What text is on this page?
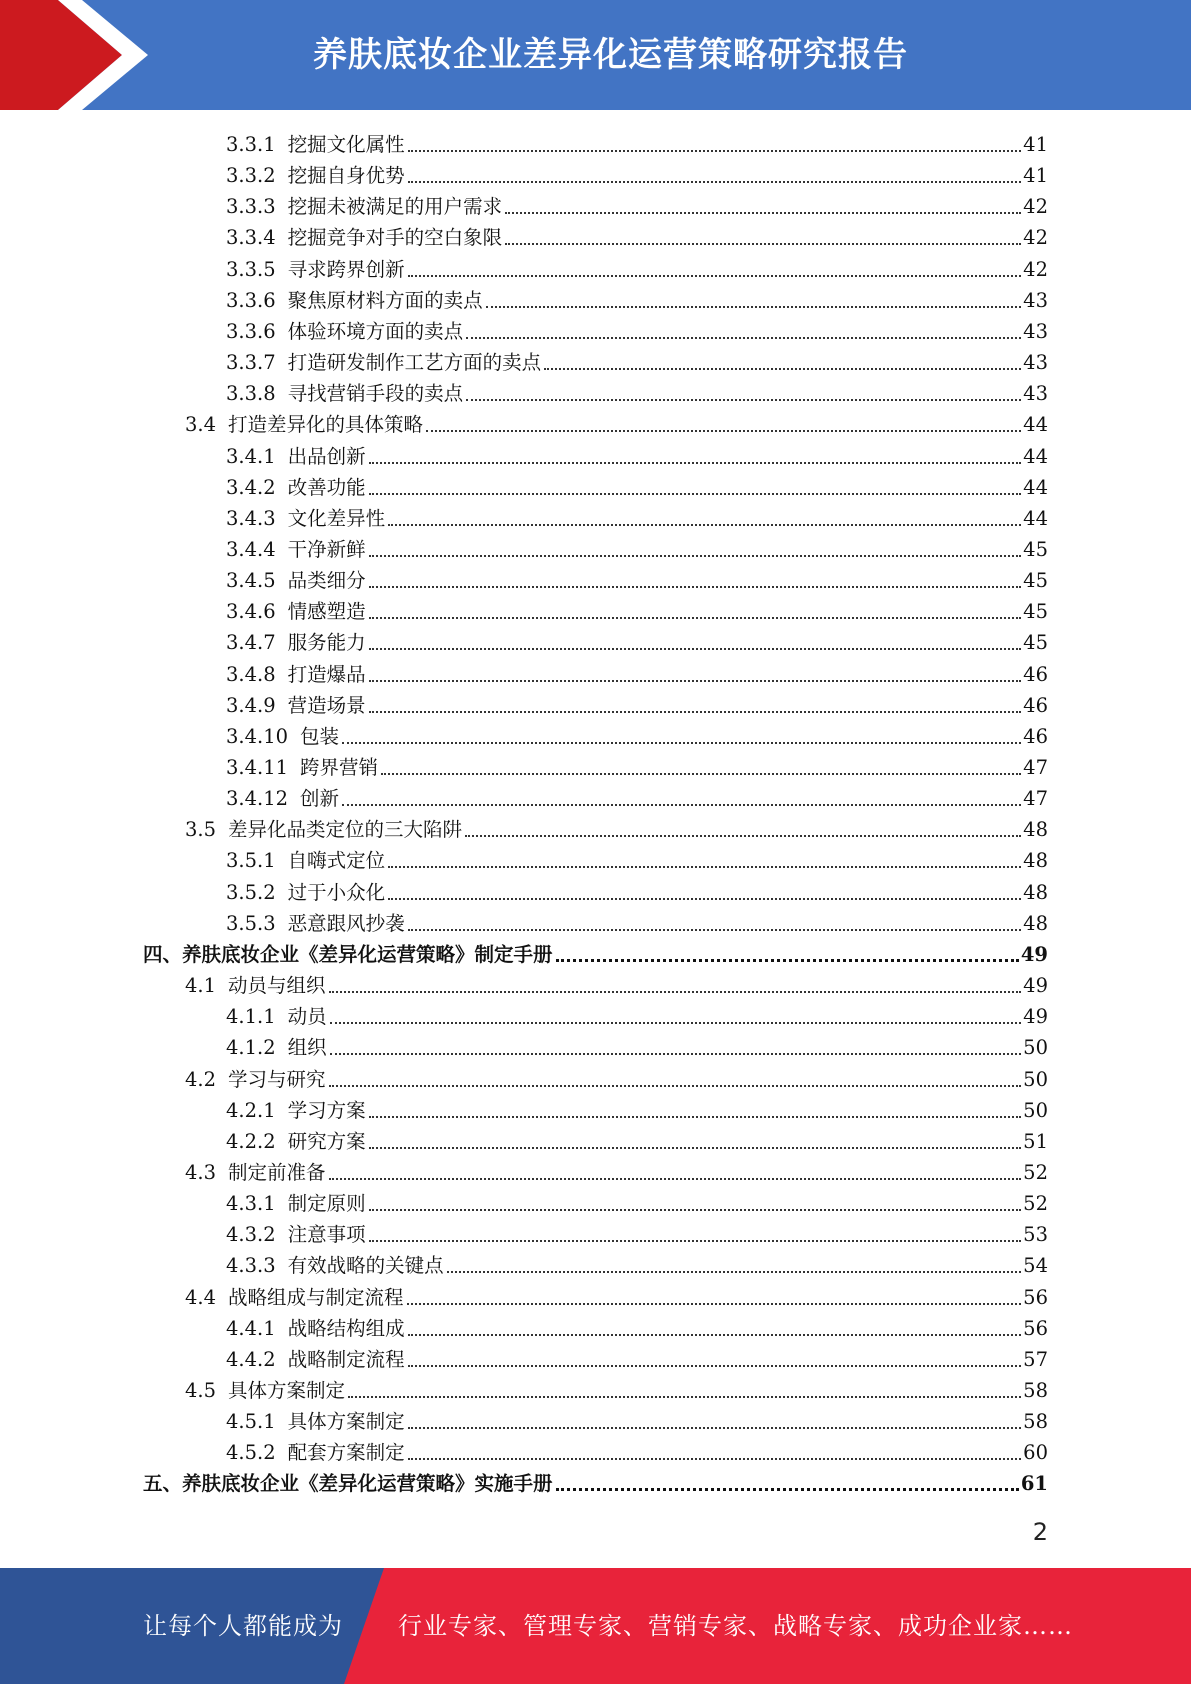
养肤底妆企业差异化运营策略研究报告
3.3.1 挖掘文化属性	41
3.3.2 挖掘自身优势	41
3.3.3 挖掘未被满足的用户需求	42
3.3.4 挖掘竞争对手的空白象限	42
3.3.5 寻求跨界创新	42
3.3.6 聚焦原材料方面的卖点	43
3.3.6 体验环境方面的卖点	43
3.3.7 打造研发制作工艺方面的卖点	43
3.3.8 寻找营销手段的卖点	43
3.4 打造差异化的具体策略	44
3.4.1 出品创新	44
3.4.2 改善功能	44
3.4.3 文化差异性	44
3.4.4 干净新鲜	45
3.4.5 品类细分	45
3.4.6 情感塑造	45
3.4.7 服务能力	45
3.4.8 打造爆品	46
3.4.9 营造场景	46
3.4.10 包装	46
3.4.11 跨界营销	47
3.4.12 创新	47
3.5 差异化品类定位的三大陷阱	48
3.5.1 自嗨式定位	48
3.5.2 过于小众化	48
3.5.3 恶意跟风抄袭	48
四、养肤底妆企业《差异化运营策略》制定手册	49
4.1 动员与组织	49
4.1.1 动员	49
4.1.2 组织	50
4.2 学习与研究	50
4.2.1 学习方案	50
4.2.2 研究方案	51
4.3 制定前准备	52
4.3.1 制定原则	52
4.3.2 注意事项	53
4.3.3 有效战略的关键点	54
4.4 战略组成与制定流程	56
4.4.1 战略结构组成	56
4.4.2 战略制定流程	57
4.5 具体方案制定	58
4.5.1 具体方案制定	58
4.5.2 配套方案制定	60
五、养肤底妆企业《差异化运营策略》实施手册	61
2
让每个人都能成为 行业专家、管理专家、营销专家、战略专家、成功企业家……
